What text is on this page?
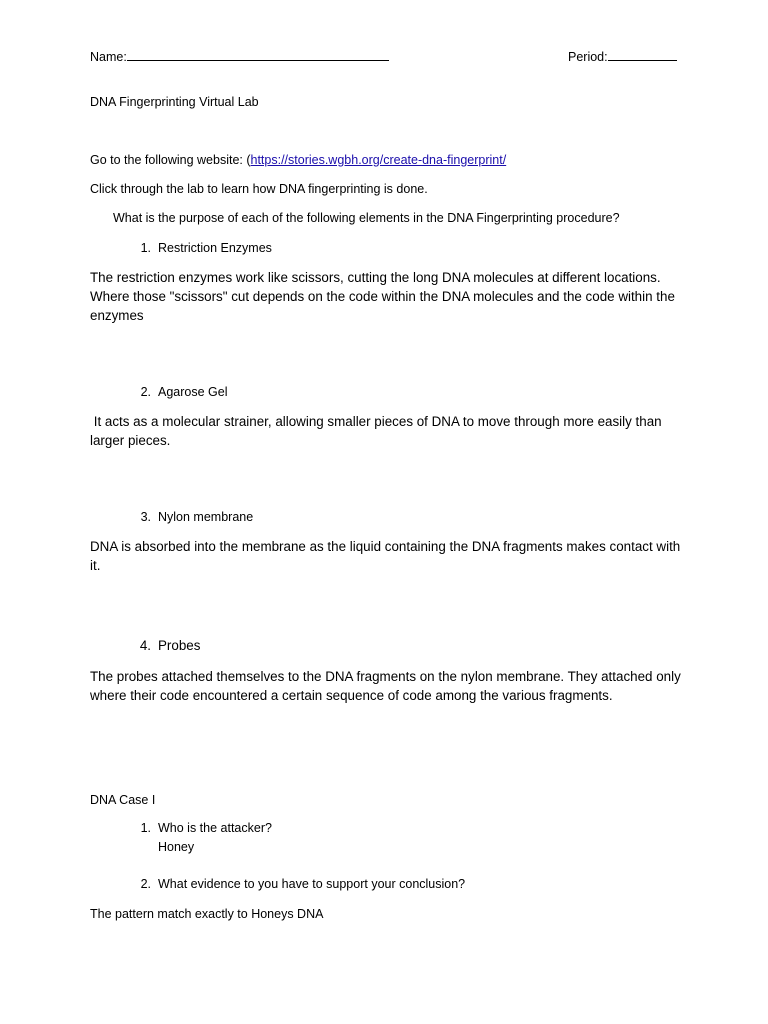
Name:	Period:
DNA Fingerprinting Virtual Lab
Go to the following website: (https://stories.wgbh.org/create-dna-fingerprint/
Click through the lab to learn how DNA fingerprinting is done.
What is the purpose of each of the following elements in the DNA Fingerprinting procedure?
1. Restriction Enzymes
The restriction enzymes work like scissors, cutting the long DNA molecules at different locations. Where those "scissors" cut depends on the code within the DNA molecules and the code within the enzymes
2. Agarose Gel
It acts as a molecular strainer, allowing smaller pieces of DNA to move through more easily than larger pieces.
3. Nylon membrane
DNA is absorbed into the membrane as the liquid containing the DNA fragments makes contact with it.
4. Probes
The probes attached themselves to the DNA fragments on the nylon membrane. They attached only where their code encountered a certain sequence of code among the various fragments.
DNA Case I
1. Who is the attacker?
Honey
2. What evidence to you have to support your conclusion?
The pattern match exactly to Honeys DNA
